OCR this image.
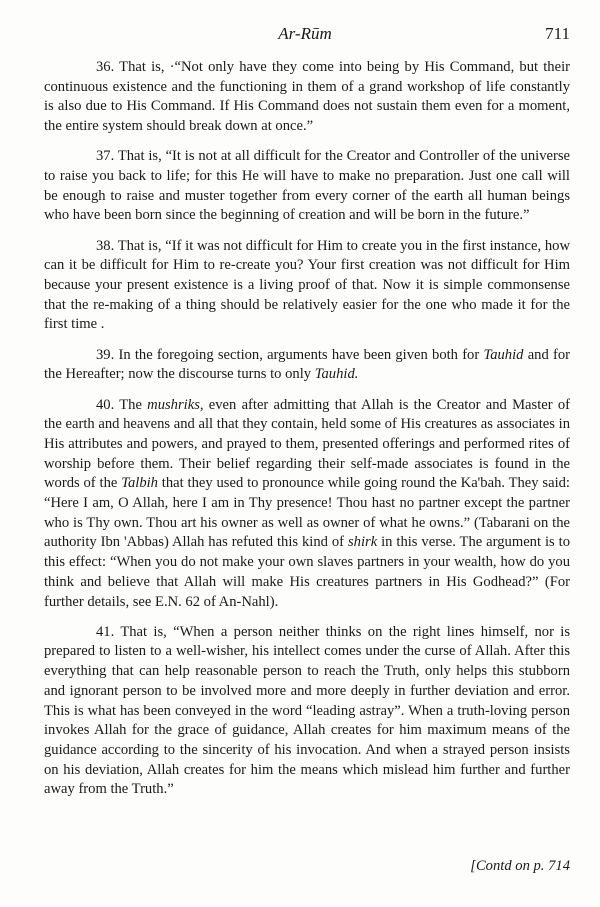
Ar-Rūm	711

36. That is, ·“Not only have they come into being by His Command, but their continuous existence and the functioning in them of a grand workshop of life constantly is also due to His Command. If His Command does not sustain them even for a moment, the entire system should break down at once.”

37. That is, “It is not at all difficult for the Creator and Controller of the universe to raise you back to life; for this He will have to make no preparation. Just one call will be enough to raise and muster together from every corner of the earth all human beings who have been born since the beginning of creation and will be born in the future.”

38. That is, “If it was not difficult for Him to create you in the first instance, how can it be difficult for Him to re-create you? Your first creation was not difficult for Him because your present existence is a living proof of that. Now it is simple commonsense that the re-making of a thing should be relatively easier for the one who made it for the first time .

39. In the foregoing section, arguments have been given both for Tauhid and for the Hereafter; now the discourse turns to only Tauhid.

40. The mushriks, even after admitting that Allah is the Creator and Master of the earth and heavens and all that they contain, held some of His creatures as associates in His attributes and powers, and prayed to them, presented offerings and performed rites of worship before them. Their belief regarding their self-made associates is found in the words of the Talbih that they used to pronounce while going round the Ka'bah. They said: “Here I am, O Allah, here I am in Thy presence! Thou hast no partner except the partner who is Thy own. Thou art his owner as well as owner of what he owns.” (Tabarani on the authority Ibn 'Abbas) Allah has refuted this kind of shirk in this verse. The argument is to this effect: “When you do not make your own slaves partners in your wealth, how do you think and believe that Allah will make His creatures partners in His Godhead?” (For further details, see E.N. 62 of An-Nahl).

41. That is, “When a person neither thinks on the right lines himself, nor is prepared to listen to a well-wisher, his intellect comes under the curse of Allah. After this everything that can help reasonable person to reach the Truth, only helps this stubborn and ignorant person to be involved more and more deeply in further deviation and error. This is what has been conveyed in the word “leading astray”. When a truth-loving person invokes Allah for the grace of guidance, Allah creates for him maximum means of the guidance according to the sincerity of his invocation. And when a strayed person insists on his deviation, Allah creates for him the means which mislead him further and further away from the Truth.”

[Contd on p. 714
